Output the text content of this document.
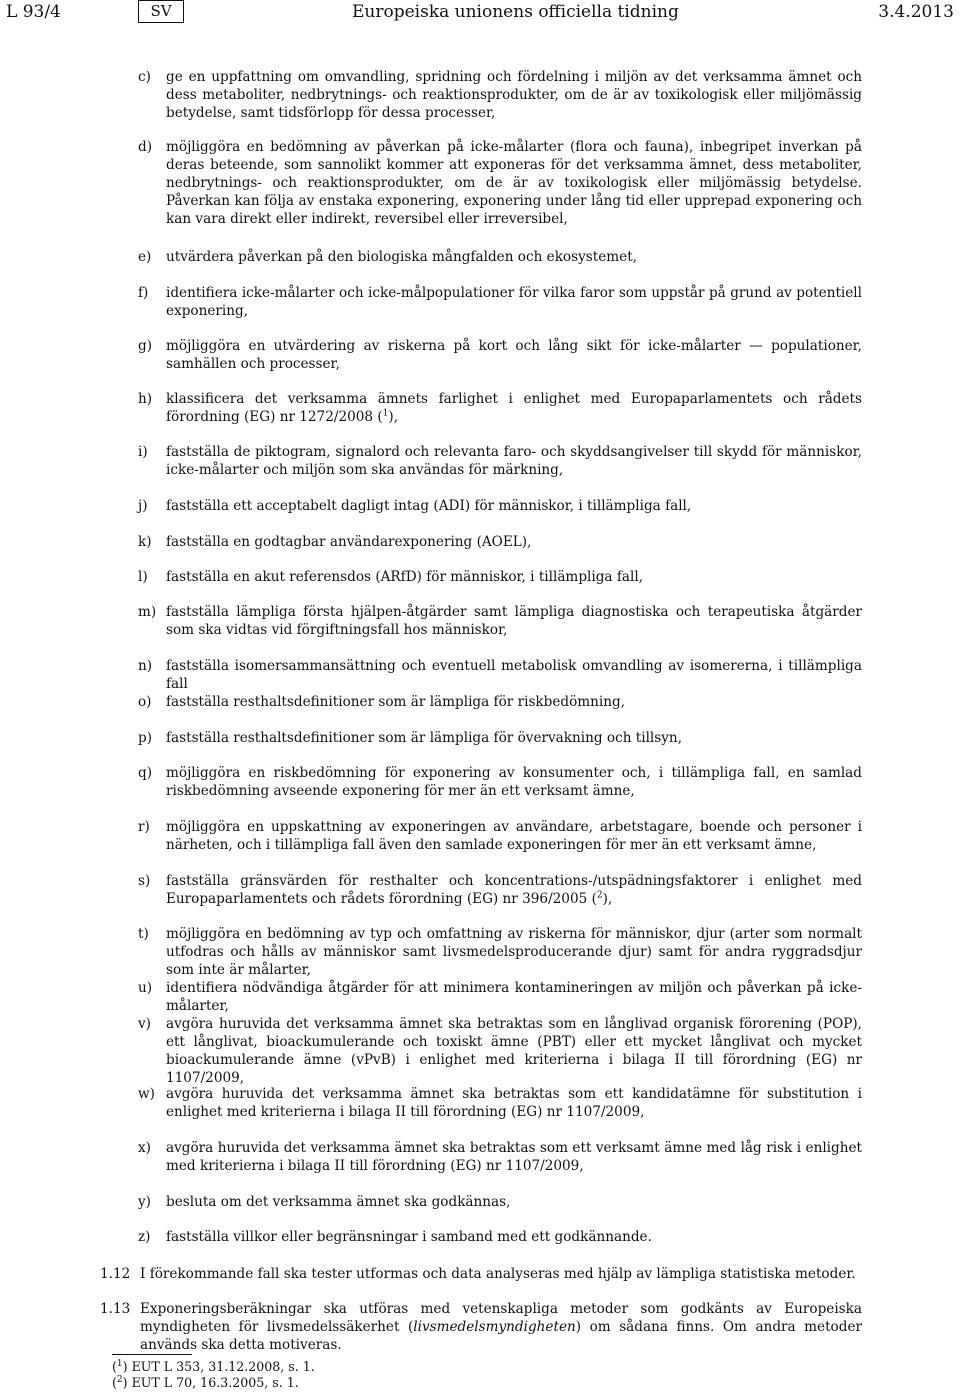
L 93/4	SV	Europeiska unionens officiella tidning	3.4.2013
c) ge en uppfattning om omvandling, spridning och fördelning i miljön av det verksamma ämnet och dess metaboliter, nedbrytnings- och reaktionsprodukter, om de är av toxikologisk eller miljömässig betydelse, samt tidsförlopp för dessa processer,
d) möjliggöra en bedömning av påverkan på icke-målarter (flora och fauna), inbegripet inverkan på deras beteende, som sannolikt kommer att exponeras för det verksamma ämnet, dess metaboliter, nedbrytnings- och reaktionsprodukter, om de är av toxikologisk eller miljömässig betydelse. Påverkan kan följa av enstaka exponering, exponering under lång tid eller upprepad exponering och kan vara direkt eller indirekt, reversibel eller irreversibel,
e) utvärdera påverkan på den biologiska mångfalden och ekosystemet,
f) identifiera icke-målarter och icke-målpopulationer för vilka faror som uppstår på grund av potentiell exponering,
g) möjliggöra en utvärdering av riskerna på kort och lång sikt för icke-målarter — populationer, samhällen och processer,
h) klassificera det verksamma ämnets farlighet i enlighet med Europaparlamentets och rådets förordning (EG) nr 1272/2008 ($^1$),
i) fastställa de piktogram, signalord och relevanta faro- och skyddsangivelser till skydd för människor, icke-målarter och miljön som ska användas för märkning,
j) fastställa ett acceptabelt dagligt intag (ADI) för människor, i tillämpliga fall,
k) fastställa en godtagbar användarexponering (AOEL),
l) fastställa en akut referensdos (ARfD) för människor, i tillämpliga fall,
m) fastställa lämpliga första hjälpen-åtgärder samt lämpliga diagnostiska och terapeutiska åtgärder som ska vidtas vid förgiftningsfall hos människor,
n) fastställa isomersammansättning och eventuell metabolisk omvandling av isomererna, i tillämpliga fall
o) fastställa resthaltsdefinitioner som är lämpliga för riskbedömning,
p) fastställa resthaltsdefinitioner som är lämpliga för övervakning och tillsyn,
q) möjliggöra en riskbedömning för exponering av konsumenter och, i tillämpliga fall, en samlad riskbedömning avseende exponering för mer än ett verksamt ämne,
r) möjliggöra en uppskattning av exponeringen av användare, arbetstagare, boende och personer i närheten, och i tillämpliga fall även den samlade exponeringen för mer än ett verksamt ämne,
s) fastställa gränsvärden för resthalter och koncentrations-/utspädningsfaktorer i enlighet med Europaparlamentets och rådets förordning (EG) nr 396/2005 ($^2$),
t) möjliggöra en bedömning av typ och omfattning av riskerna för människor, djur (arter som normalt utfodras och hålls av människor samt livsmedelsproducerande djur) samt för andra ryggradsdjur som inte är målarter,
u) identifiera nödvändiga åtgärder för att minimera kontamineringen av miljön och påverkan på icke-målarter,
v) avgöra huruvida det verksamma ämnet ska betraktas som en långlivad organisk förorening (POP), ett långlivat, bioackumulerande och toxiskt ämne (PBT) eller ett mycket långlivat och mycket bioackumulerande ämne (vPvB) i enlighet med kriterierna i bilaga II till förordning (EG) nr 1107/2009,
w) avgöra huruvida det verksamma ämnet ska betraktas som ett kandidatämne för substitution i enlighet med kriterierna i bilaga II till förordning (EG) nr 1107/2009,
x) avgöra huruvida det verksamma ämnet ska betraktas som ett verksamt ämne med låg risk i enlighet med kriterierna i bilaga II till förordning (EG) nr 1107/2009,
y) besluta om det verksamma ämnet ska godkännas,
z) fastställa villkor eller begränsningar i samband med ett godkännande.
1.12 I förekommande fall ska tester utformas och data analyseras med hjälp av lämpliga statistiska metoder.
1.13 Exponeringsberäkningar ska utföras med vetenskapliga metoder som godkänts av Europeiska myndigheten för livsmedelssäkerhet (livsmedelsmyndigheten) om sådana finns. Om andra metoder används ska detta motiveras.
($^1$) EUT L 353, 31.12.2008, s. 1.
($^2$) EUT L 70, 16.3.2005, s. 1.
